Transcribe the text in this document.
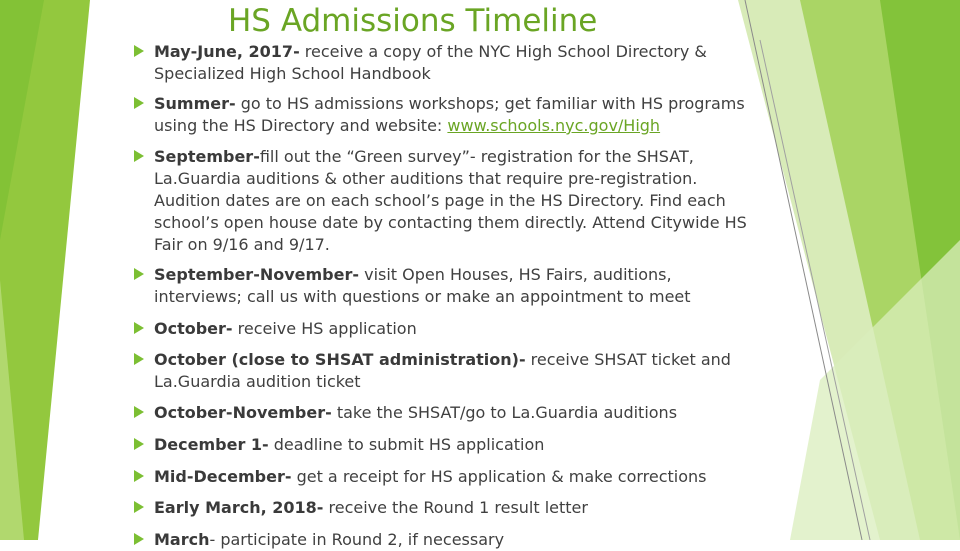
HS Admissions Timeline
May-June, 2017- receive a copy of the NYC High School Directory & Specialized High School Handbook
Summer- go to HS admissions workshops; get familiar with HS programs using the HS Directory and website: www.schools.nyc.gov/High
September-fill out the “Green survey”- registration for the SHSAT, La.Guardia auditions & other auditions that require pre-registration. Audition dates are on each school’s page in the HS Directory. Find each school’s open house date by contacting them directly. Attend Citywide HS Fair on 9/16 and 9/17.
September-November- visit Open Houses, HS Fairs, auditions, interviews; call us with questions or make an appointment to meet
October- receive HS application
October (close to SHSAT administration)- receive SHSAT ticket and La.Guardia audition ticket
October-November- take the SHSAT/go to La.Guardia auditions
December 1- deadline to submit HS application
Mid-December- get a receipt for HS application & make corrections
Early March, 2018- receive the Round 1 result letter
March- participate in Round 2, if necessary
